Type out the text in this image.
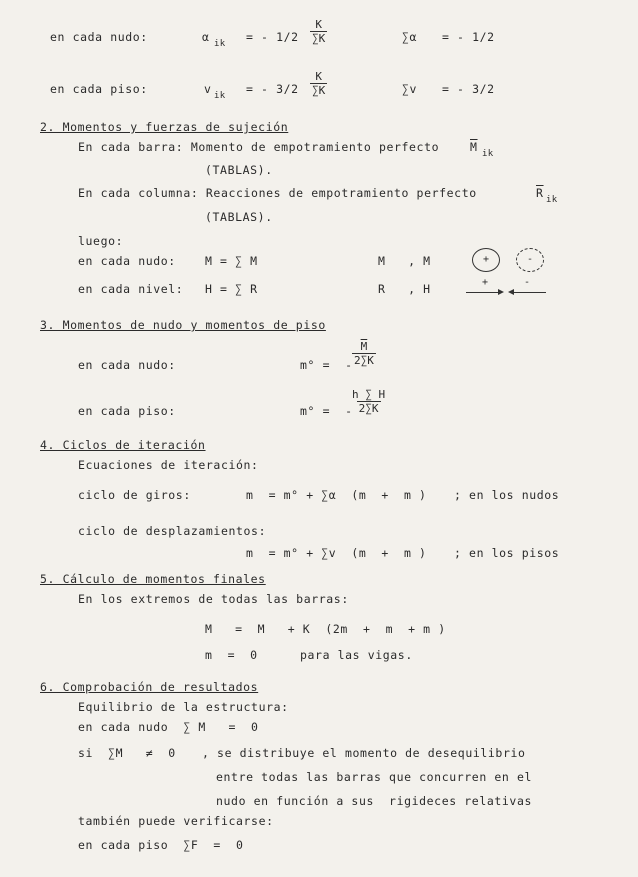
en cada nudo:	α ik = - $1/2 \frac{K}{\sum K}$	∑α = - 1/2
en cada piso:	v ik = - $3/2 \frac{K}{\sum K}$	∑v = - 3/2
2. Momentos y fuerzas de sujeción
En cada barra: Momento de empotramiento perfecto	$\overline{M}$ ik
(TABLAS).
En cada columna: Reacciones de empotramiento perfecto	$\overline{R}$ ik
(TABLAS).
luego:
en cada nudo:	M = ∑ M	M   , M	+	-
en cada nivel: H = ∑ R	R   , H	+	-
3. Momentos de nudo y momentos de piso
en cada nudo:	m° =  - $\frac{\overline{M}}{2\sum K}$
en cada piso:	m° =  -
$\frac{h \sum H}{2\sum K}$
4. Ciclos de iteración
Ecuaciones de iteración:
ciclo de giros:	m  = m° + ∑α  (m  +  m ) ; en los nudos
ciclo de desplazamientos:
m  = m° + ∑v  (m  +  m ) ; en los pisos
5. Cálculo de momentos finales
En los extremos de todas las barras:
M   =  M   + K  (2m  +  m  + m )
m  =  0	para las vigas.
6. Comprobación de resultados
Equilibrio de la estructura:
en cada nudo  ∑ M   =  0
si  ∑M   ≠  0 , se distribuye el momento de desequilibrio
entre todas las barras que concurren en el
nudo en función a sus  rigideces relativas
también puede verificarse:
en cada piso  ∑F  =  0
